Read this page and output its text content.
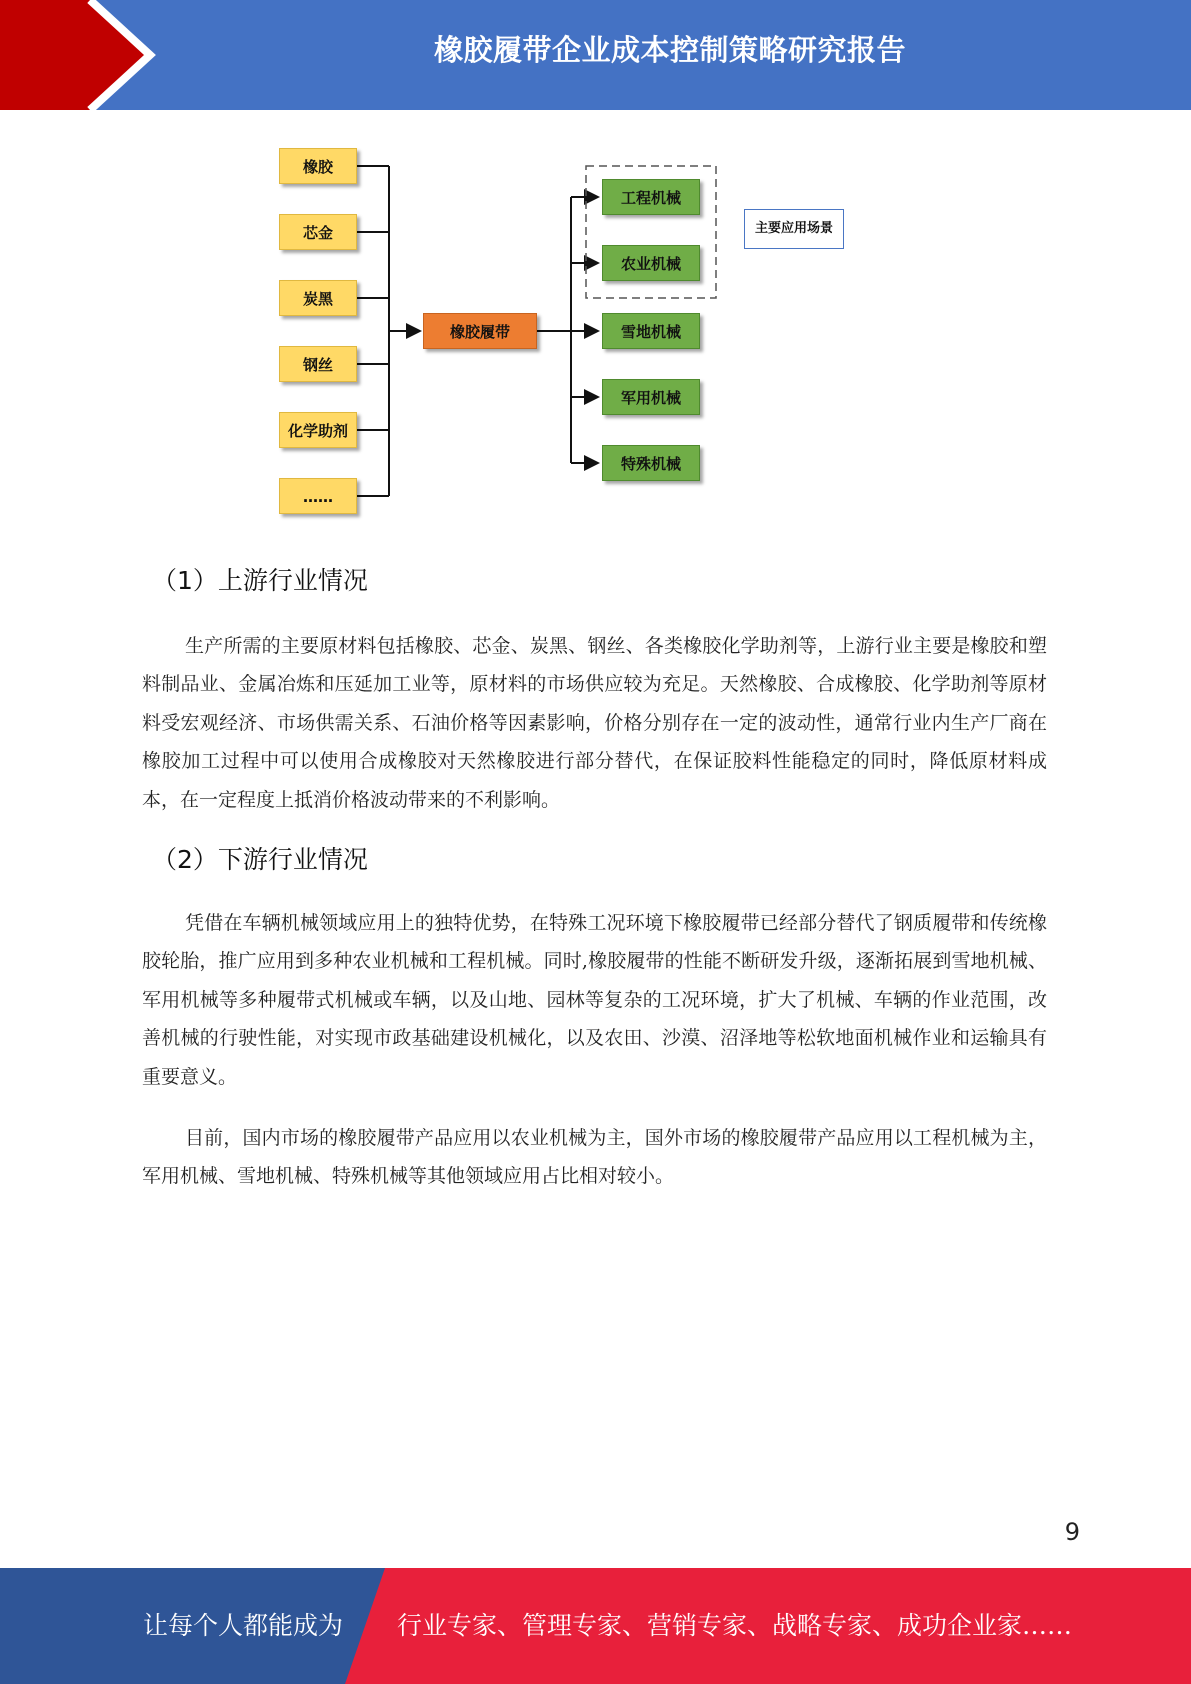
橡胶履带企业成本控制策略研究报告
橡胶
芯金
炭黑
钢丝
化学助剂
……
橡胶履带
工程机械
农业机械
雪地机械
军用机械
特殊机械
主要应用场景
（1）上游行业情况
生产所需的主要原材料包括橡胶、芯金、炭黑、钢丝、各类橡胶化学助剂等，上游行业主要是橡胶和塑料制品业、金属冶炼和压延加工业等，原材料的市场供应较为充足。天然橡胶、合成橡胶、化学助剂等原材料受宏观经济、市场供需关系、石油价格等因素影响，价格分别存在一定的波动性，通常行业内生产厂商在橡胶加工过程中可以使用合成橡胶对天然橡胶进行部分替代，在保证胶料性能稳定的同时，降低原材料成本，在一定程度上抵消价格波动带来的不利影响。
（2）下游行业情况
凭借在车辆机械领域应用上的独特优势，在特殊工况环境下橡胶履带已经部分替代了钢质履带和传统橡胶轮胎，推广应用到多种农业机械和工程机械。同时,橡胶履带的性能不断研发升级，逐渐拓展到雪地机械、军用机械等多种履带式机械或车辆，以及山地、园林等复杂的工况环境，扩大了机械、车辆的作业范围，改善机械的行驶性能，对实现市政基础建设机械化，以及农田、沙漠、沼泽地等松软地面机械作业和运输具有重要意义。
目前，国内市场的橡胶履带产品应用以农业机械为主，国外市场的橡胶履带产品应用以工程机械为主，军用机械、雪地机械、特殊机械等其他领域应用占比相对较小。
9
让每个人都能成为 行业专家、管理专家、营销专家、战略专家、成功企业家……
